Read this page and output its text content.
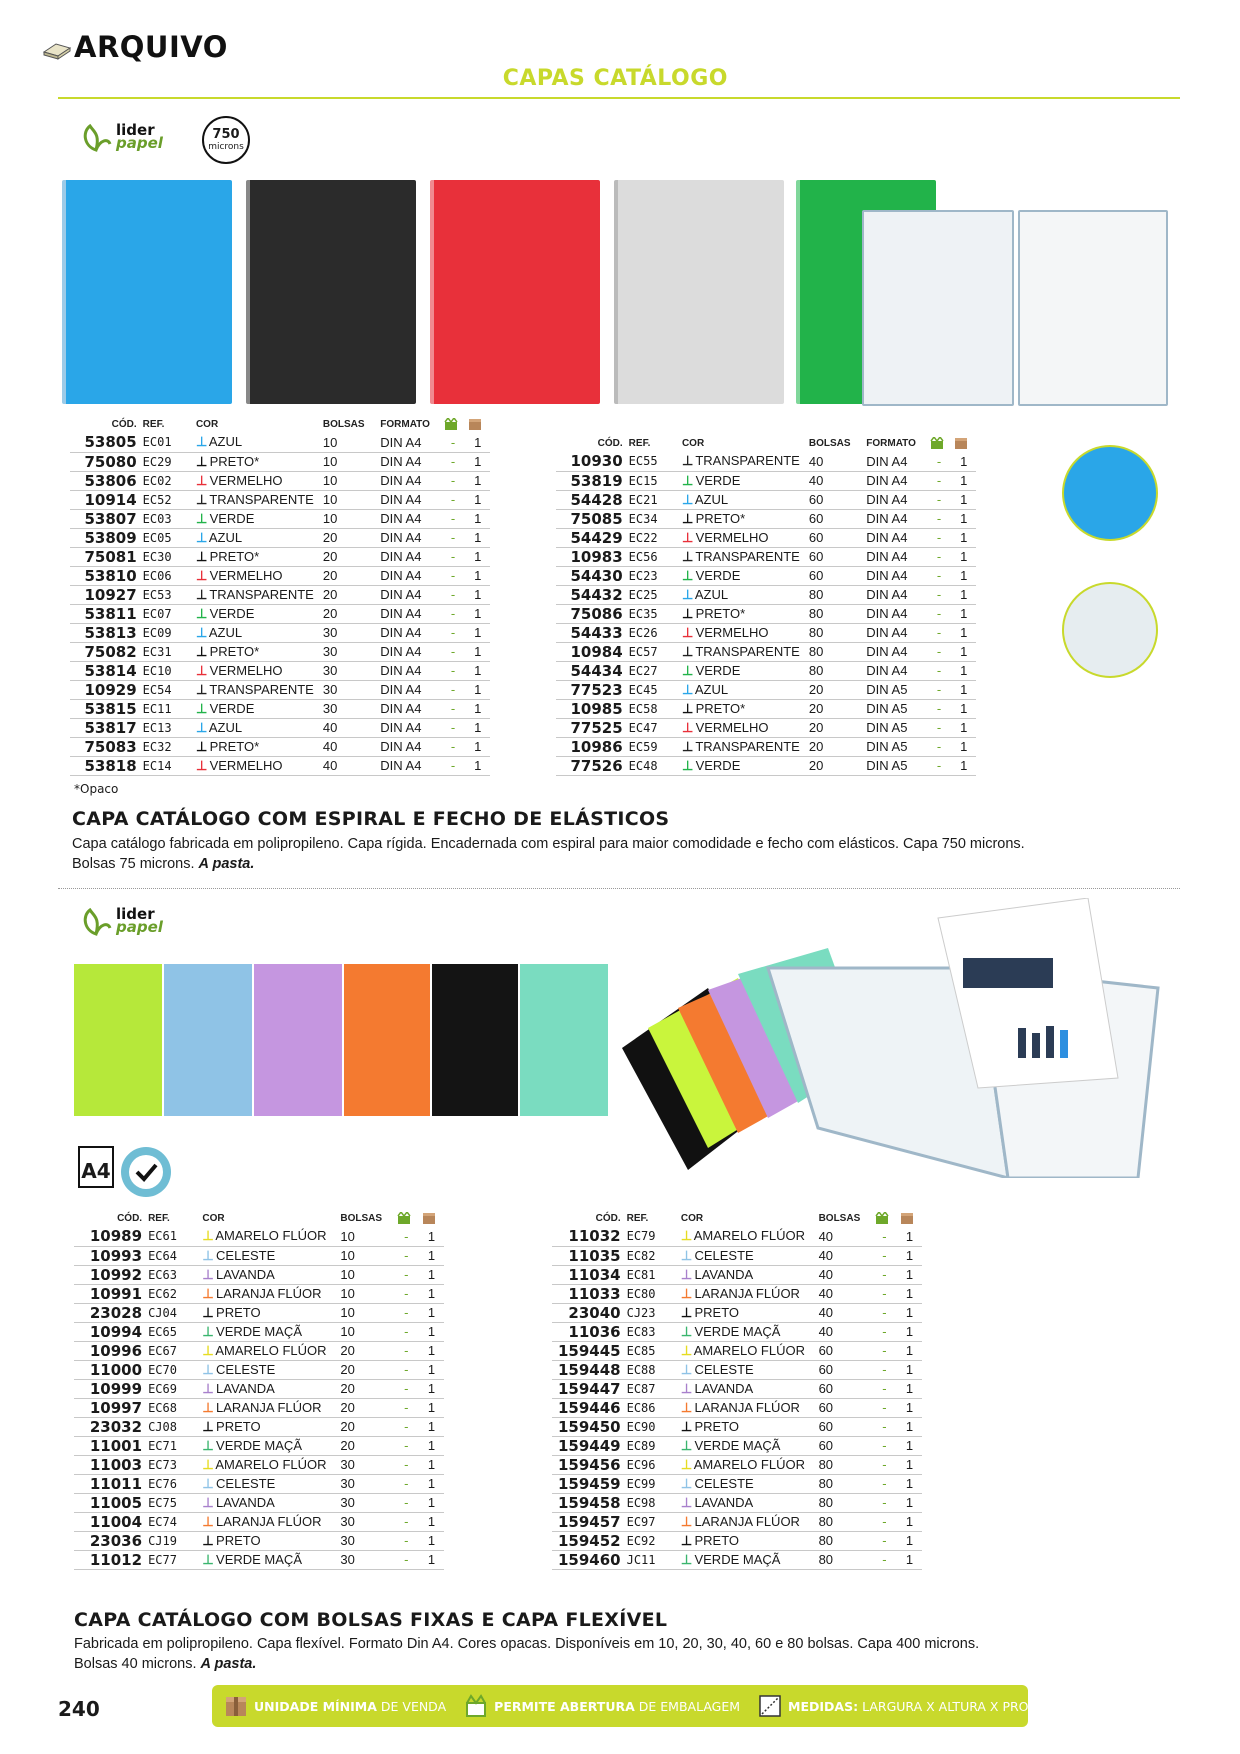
ARQUIVO
CAPAS CATÁLOGO
lider
papel	750
microns
CÓD.	REF.	COR	BOLSAS	FORMATO		
53805	EC01	⊥ AZUL	10	DIN A4	-	1
75080	EC29	⊥ PRETO*	10	DIN A4	-	1
53806	EC02	⊥ VERMELHO	10	DIN A4	-	1
10914	EC52	⊥ TRANSPARENTE	10	DIN A4	-	1
53807	EC03	⊥ VERDE	10	DIN A4	-	1
53809	EC05	⊥ AZUL	20	DIN A4	-	1
75081	EC30	⊥ PRETO*	20	DIN A4	-	1
53810	EC06	⊥ VERMELHO	20	DIN A4	-	1
10927	EC53	⊥ TRANSPARENTE	20	DIN A4	-	1
53811	EC07	⊥ VERDE	20	DIN A4	-	1
53813	EC09	⊥ AZUL	30	DIN A4	-	1
75082	EC31	⊥ PRETO*	30	DIN A4	-	1
53814	EC10	⊥ VERMELHO	30	DIN A4	-	1
10929	EC54	⊥ TRANSPARENTE	30	DIN A4	-	1
53815	EC11	⊥ VERDE	30	DIN A4	-	1
53817	EC13	⊥ AZUL	40	DIN A4	-	1
75083	EC32	⊥ PRETO*	40	DIN A4	-	1
53818	EC14	⊥ VERMELHO	40	DIN A4	-	1
CÓD.	REF.	COR	BOLSAS	FORMATO		
10930	EC55	⊥ TRANSPARENTE	40	DIN A4	-	1
53819	EC15	⊥ VERDE	40	DIN A4	-	1
54428	EC21	⊥ AZUL	60	DIN A4	-	1
75085	EC34	⊥ PRETO*	60	DIN A4	-	1
54429	EC22	⊥ VERMELHO	60	DIN A4	-	1
10983	EC56	⊥ TRANSPARENTE	60	DIN A4	-	1
54430	EC23	⊥ VERDE	60	DIN A4	-	1
54432	EC25	⊥ AZUL	80	DIN A4	-	1
75086	EC35	⊥ PRETO*	80	DIN A4	-	1
54433	EC26	⊥ VERMELHO	80	DIN A4	-	1
10984	EC57	⊥ TRANSPARENTE	80	DIN A4	-	1
54434	EC27	⊥ VERDE	80	DIN A4	-	1
77523	EC45	⊥ AZUL	20	DIN A5	-	1
10985	EC58	⊥ PRETO*	20	DIN A5	-	1
77525	EC47	⊥ VERMELHO	20	DIN A5	-	1
10986	EC59	⊥ TRANSPARENTE	20	DIN A5	-	1
77526	EC48	⊥ VERDE	20	DIN A5	-	1
*Opaco
CAPA CATÁLOGO COM ESPIRAL E FECHO DE ELÁSTICOS
Capa catálogo fabricada em polipropileno. Capa rígida. Encadernada com espiral para maior comodidade e fecho com elásticos. Capa 750 microns.
Bolsas 75 microns. A pasta.
lider
papel
A4
CÓD.	REF.	COR	BOLSAS		
10989	EC61	⊥ AMARELO FLÚOR	10	-	1
10993	EC64	⊥ CELESTE	10	-	1
10992	EC63	⊥ LAVANDA	10	-	1
10991	EC62	⊥ LARANJA FLÚOR	10	-	1
23028	CJ04	⊥ PRETO	10	-	1
10994	EC65	⊥ VERDE MAÇÃ	10	-	1
10996	EC67	⊥ AMARELO FLÚOR	20	-	1
11000	EC70	⊥ CELESTE	20	-	1
10999	EC69	⊥ LAVANDA	20	-	1
10997	EC68	⊥ LARANJA FLÚOR	20	-	1
23032	CJ08	⊥ PRETO	20	-	1
11001	EC71	⊥ VERDE MAÇÃ	20	-	1
11003	EC73	⊥ AMARELO FLÚOR	30	-	1
11011	EC76	⊥ CELESTE	30	-	1
11005	EC75	⊥ LAVANDA	30	-	1
11004	EC74	⊥ LARANJA FLÚOR	30	-	1
23036	CJ19	⊥ PRETO	30	-	1
11012	EC77	⊥ VERDE MAÇÃ	30	-	1
CÓD.	REF.	COR	BOLSAS		
11032	EC79	⊥ AMARELO FLÚOR	40	-	1
11035	EC82	⊥ CELESTE	40	-	1
11034	EC81	⊥ LAVANDA	40	-	1
11033	EC80	⊥ LARANJA FLÚOR	40	-	1
23040	CJ23	⊥ PRETO	40	-	1
11036	EC83	⊥ VERDE MAÇÃ	40	-	1
159445	EC85	⊥ AMARELO FLÚOR	60	-	1
159448	EC88	⊥ CELESTE	60	-	1
159447	EC87	⊥ LAVANDA	60	-	1
159446	EC86	⊥ LARANJA FLÚOR	60	-	1
159450	EC90	⊥ PRETO	60	-	1
159449	EC89	⊥ VERDE MAÇÃ	60	-	1
159456	EC96	⊥ AMARELO FLÚOR	80	-	1
159459	EC99	⊥ CELESTE	80	-	1
159458	EC98	⊥ LAVANDA	80	-	1
159457	EC97	⊥ LARANJA FLÚOR	80	-	1
159452	EC92	⊥ PRETO	80	-	1
159460	JC11	⊥ VERDE MAÇÃ	80	-	1
CAPA CATÁLOGO COM BOLSAS FIXAS E CAPA FLEXÍVEL
Fabricada em polipropileno. Capa flexível. Formato Din A4. Cores opacas. Disponíveis em 10, 20, 30, 40, 60 e 80 bolsas. Capa 400 microns.
Bolsas 40 microns. A pasta.
240	UNIDADE MÍNIMA DE VENDA	PERMITE ABERTURA DE EMBALAGEM	MEDIDAS: LARGURA X ALTURA X PROFUNDIDADE
